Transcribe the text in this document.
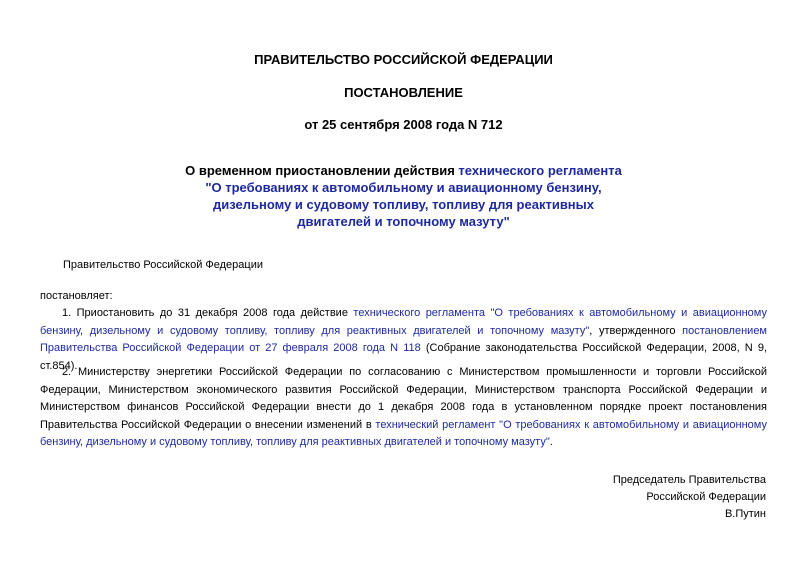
ПРАВИТЕЛЬСТВО РОССИЙСКОЙ ФЕДЕРАЦИИ
ПОСТАНОВЛЕНИЕ
от 25 сентября 2008 года N 712
О временном приостановлении действия технического регламента
"О требованиях к автомобильному и авиационному бензину,
дизельному и судовому топливу, топливу для реактивных
двигателей и топочному мазуту"
Правительство Российской Федерации
постановляет:
1. Приостановить до 31 декабря 2008 года действие технического регламента "О требованиях к автомобильному и авиационному бензину, дизельному и судовому топливу, топливу для реактивных двигателей и топочному мазуту", утвержденного постановлением Правительства Российской Федерации от 27 февраля 2008 года N 118 (Собрание законодательства Российской Федерации, 2008, N 9, ст.854).
2. Министерству энергетики Российской Федерации по согласованию с Министерством промышленности и торговли Российской Федерации, Министерством экономического развития Российской Федерации, Министерством транспорта Российской Федерации и Министерством финансов Российской Федерации внести до 1 декабря 2008 года в установленном порядке проект постановления Правительства Российской Федерации о внесении изменений в технический регламент "О требованиях к автомобильному и авиационному бензину, дизельному и судовому топливу, топливу для реактивных двигателей и топочному мазуту".
Председатель Правительства
Российской Федерации
В.Путин
